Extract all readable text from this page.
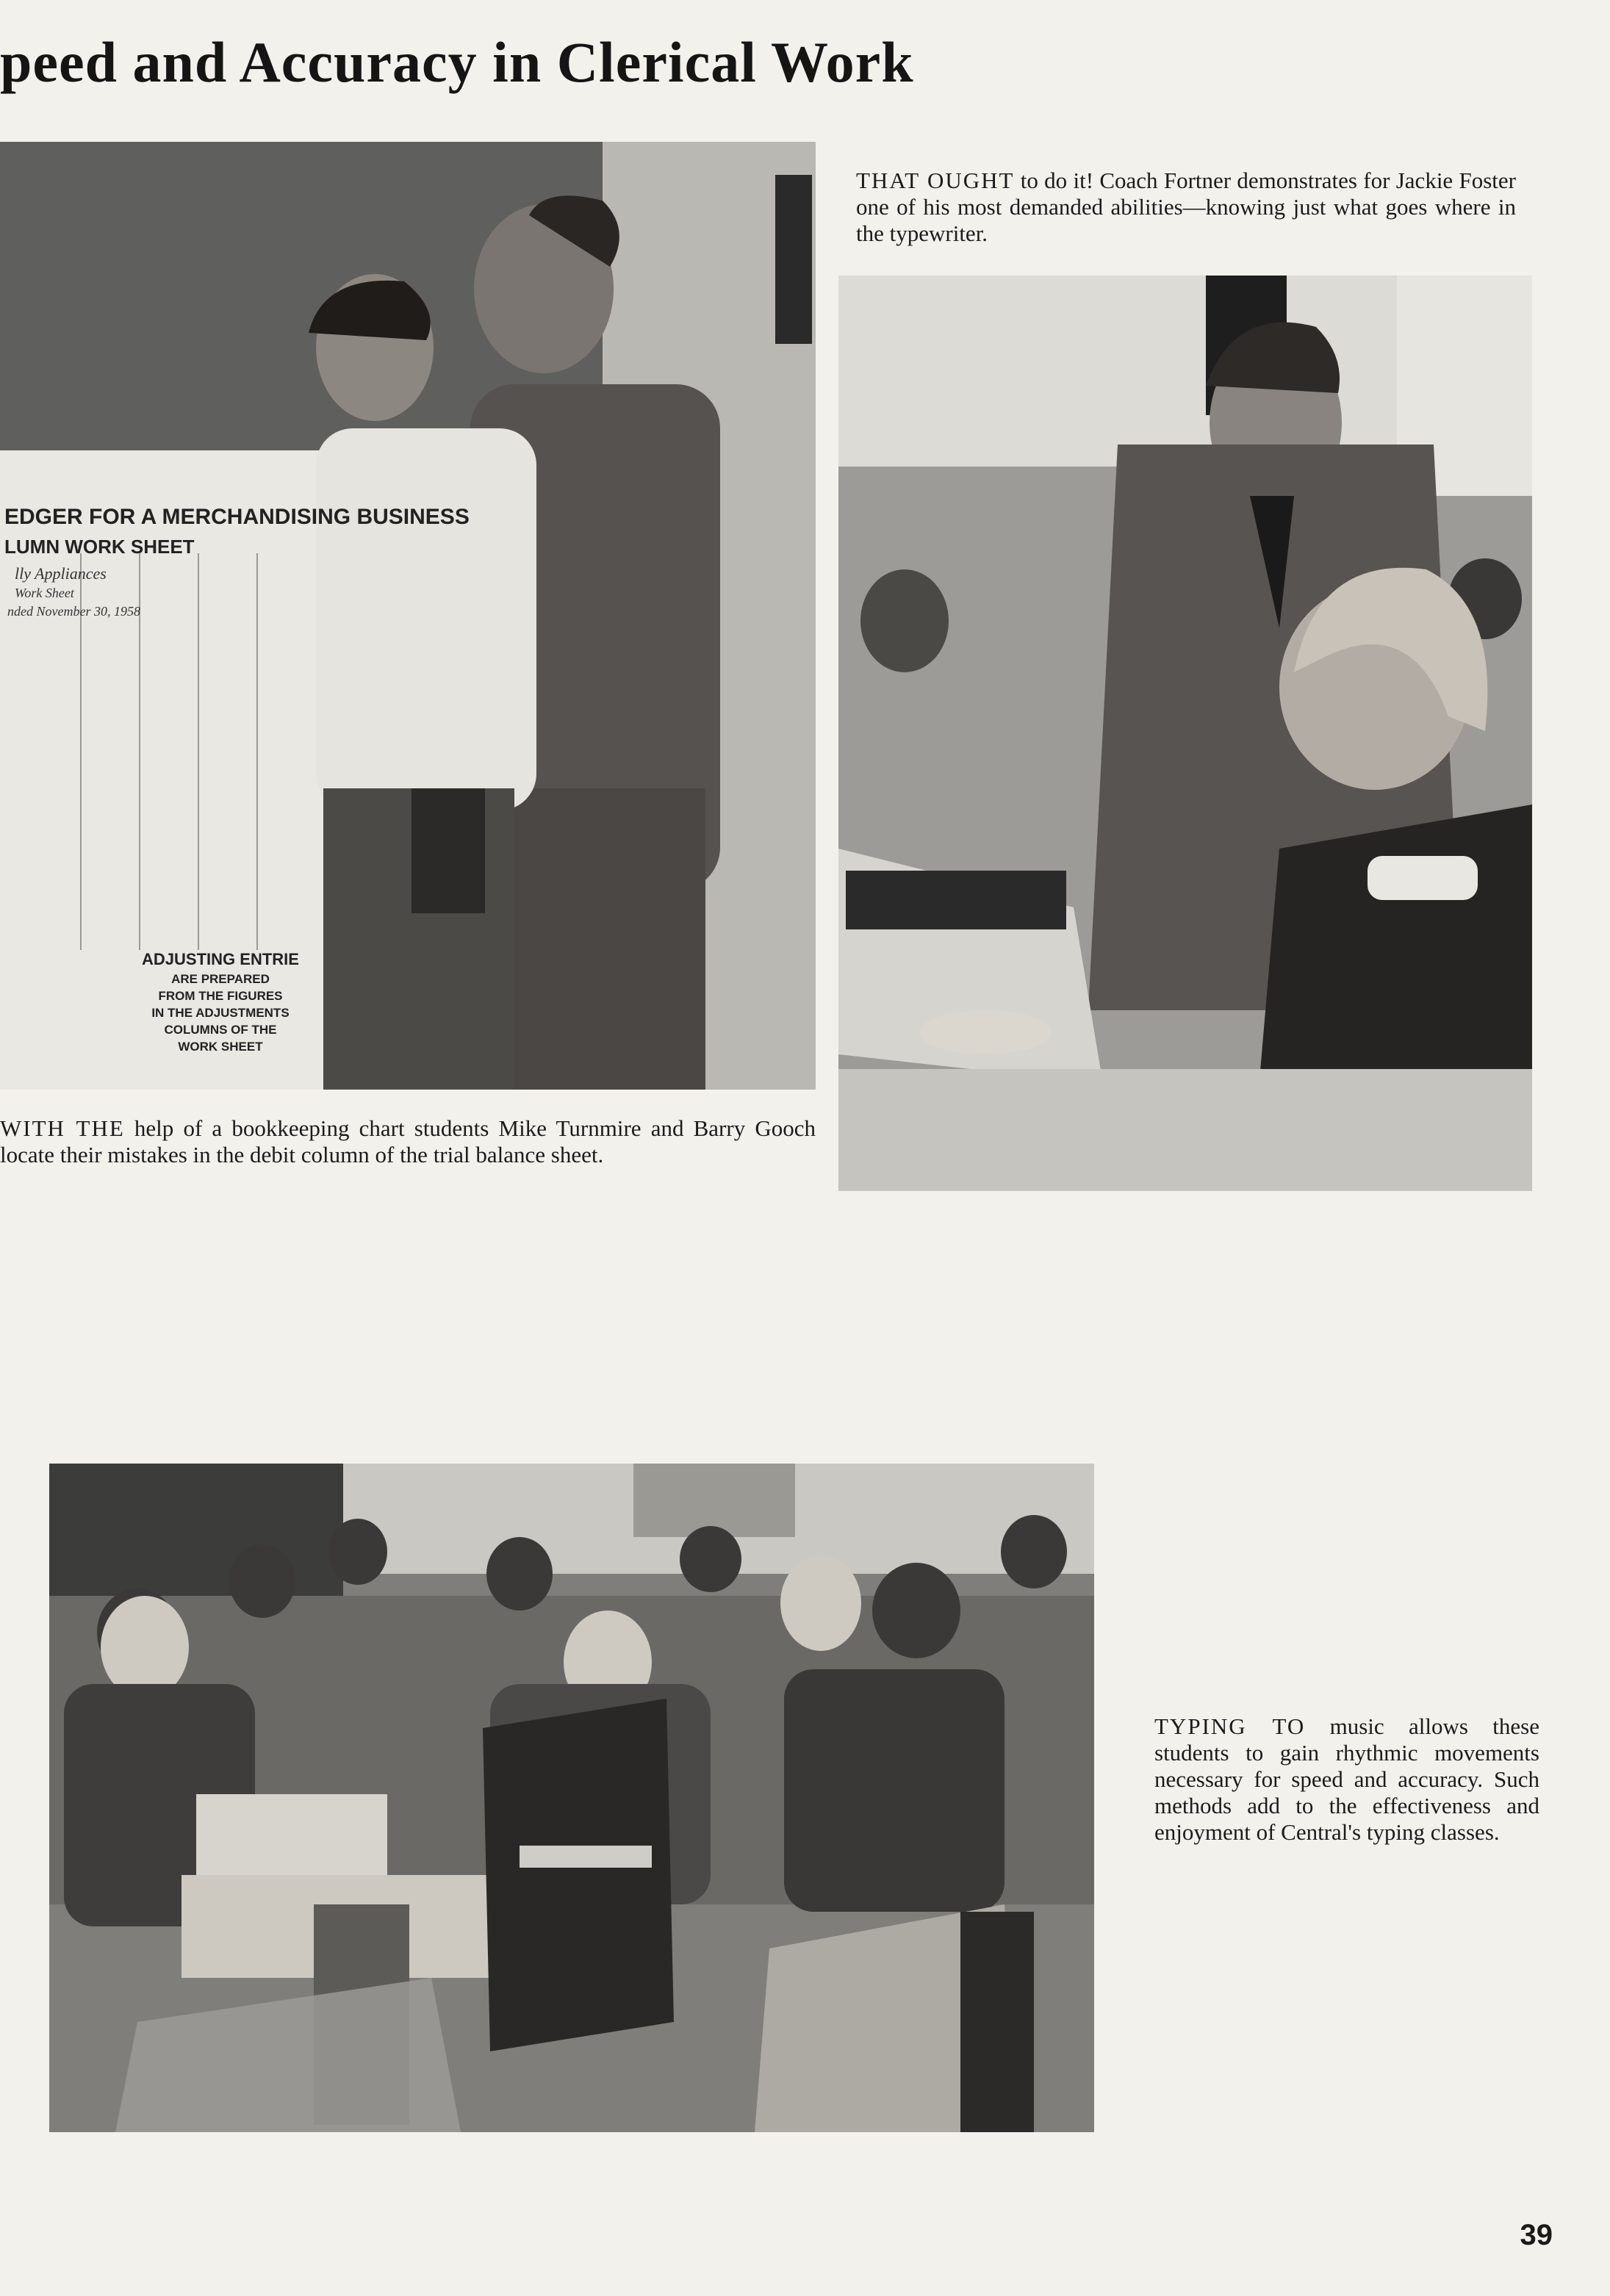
peed and Accuracy in Clerical Work
EDGER FOR A MERCHANDISING BUSINESS
LUMN WORK SHEET
lly Appliances
Work Sheet
nded November 30, 1958
ADJUSTING ENTRIE
ARE PREPARED
FROM THE FIGURES
IN THE ADJUSTMENTS
COLUMNS OF THE
WORK SHEET
WITH THE help of a bookkeeping chart students Mike Turnmire and Barry Gooch locate their mistakes in the debit column of the trial balance sheet.
THAT OUGHT to do it! Coach Fortner demonstrates for Jackie Foster one of his most demanded abilities—knowing just what goes where in the typewriter.
TYPING TO music allows these students to gain rhythmic movements necessary for speed and accuracy. Such methods add to the effectiveness and enjoyment of Central's typing classes.
39
